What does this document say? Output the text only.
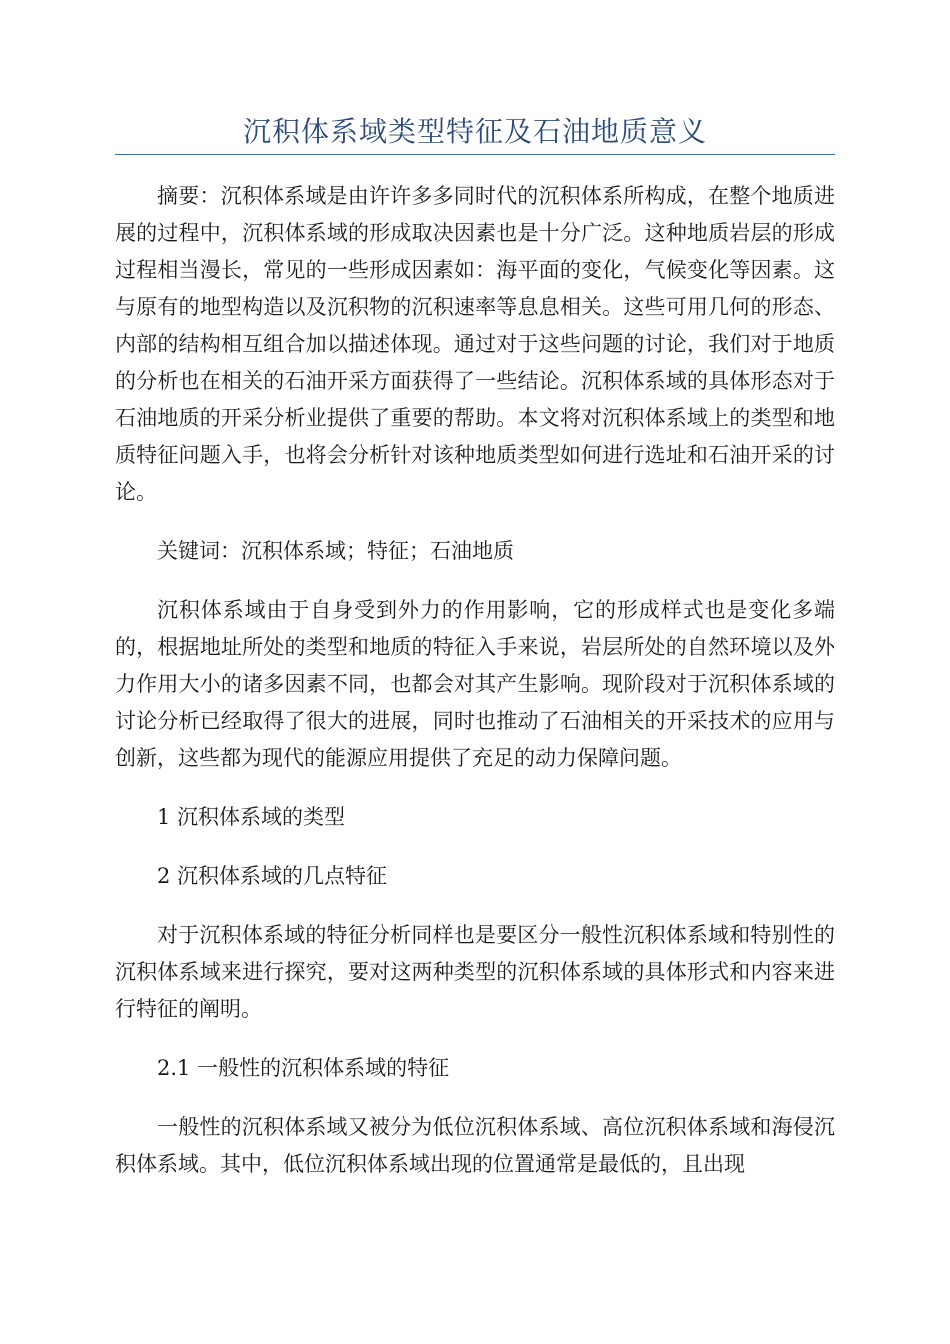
沉积体系域类型特征及石油地质意义

摘要：沉积体系域是由许许多多同时代的沉积体系所构成，在整个地质进展的过程中，沉积体系域的形成取决因素也是十分广泛。这种地质岩层的形成过程相当漫长，常见的一些形成因素如：海平面的变化，气候变化等因素。这与原有的地型构造以及沉积物的沉积速率等息息相关。这些可用几何的形态、内部的结构相互组合加以描述体现。通过对于这些问题的讨论，我们对于地质的分析也在相关的石油开采方面获得了一些结论。沉积体系域的具体形态对于石油地质的开采分析业提供了重要的帮助。本文将对沉积体系域上的类型和地质特征问题入手，也将会分析针对该种地质类型如何进行选址和石油开采的讨论。

关键词：沉积体系域；特征；石油地质

沉积体系域由于自身受到外力的作用影响，它的形成样式也是变化多端的，根据地址所处的类型和地质的特征入手来说，岩层所处的自然环境以及外力作用大小的诸多因素不同，也都会对其产生影响。现阶段对于沉积体系域的讨论分析已经取得了很大的进展，同时也推动了石油相关的开采技术的应用与创新，这些都为现代的能源应用提供了充足的动力保障问题。

1 沉积体系域的类型

2 沉积体系域的几点特征

对于沉积体系域的特征分析同样也是要区分一般性沉积体系域和特别性的沉积体系域来进行探究，要对这两种类型的沉积体系域的具体形式和内容来进行特征的阐明。

2.1 一般性的沉积体系域的特征

一般性的沉积体系域又被分为低位沉积体系域、高位沉积体系域和海侵沉积体系域。其中，低位沉积体系域出现的位置通常是最低的，且出现
